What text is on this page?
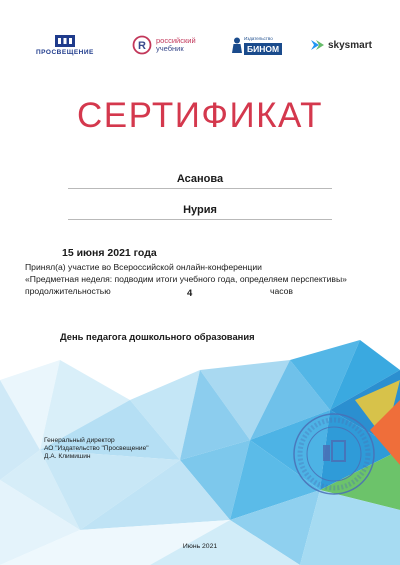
ПРОСВЕЩЕНИЕ	R российский
учебник
Издательство
БИНОМ	skysmart
СЕРТИФИКАТ
Асанова
Нурия
15 июня 2021 года
Принял(а) участие во Всероссийской онлайн-конференции
«Предметная неделя: подводим итоги учебного года, определяем перспективы»
продолжительностью	4	часов
День педагога дошкольного образования
Генеральный директор
АО "Издательство "Просвещение"
Д.А. Климишин
Июнь 2021
